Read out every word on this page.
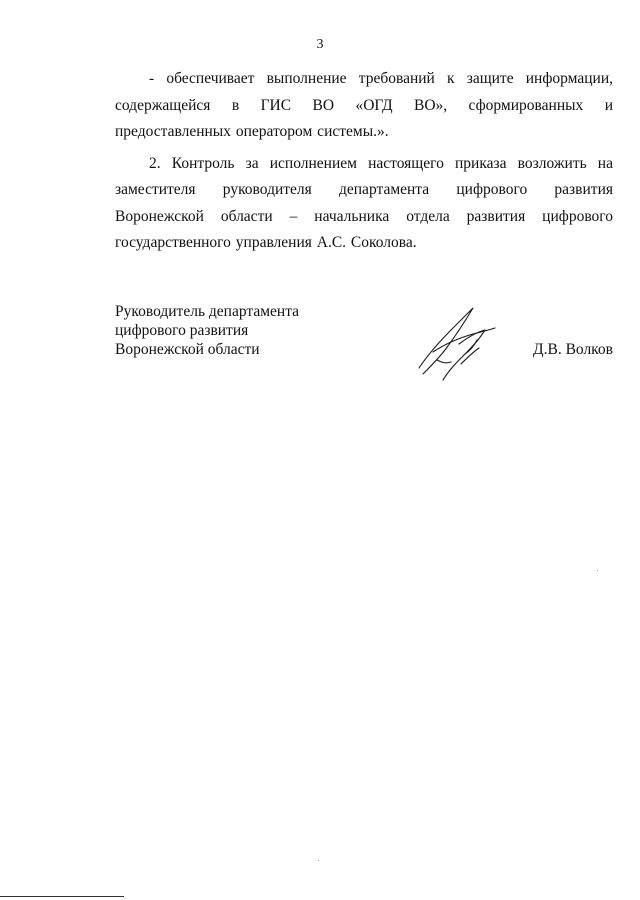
3

- обеспечивает выполнение требований к защите информации, содержащейся в ГИС ВО «ОГД ВО», сформированных и предоставленных оператором системы.».

2. Контроль за исполнением настоящего приказа возложить на заместителя руководителя департамента цифрового развития Воронежской области – начальника отдела развития цифрового государственного управления А.С. Соколова.

Руководитель департамента
цифрового развития
Воронежской области	Д.В. Волков
